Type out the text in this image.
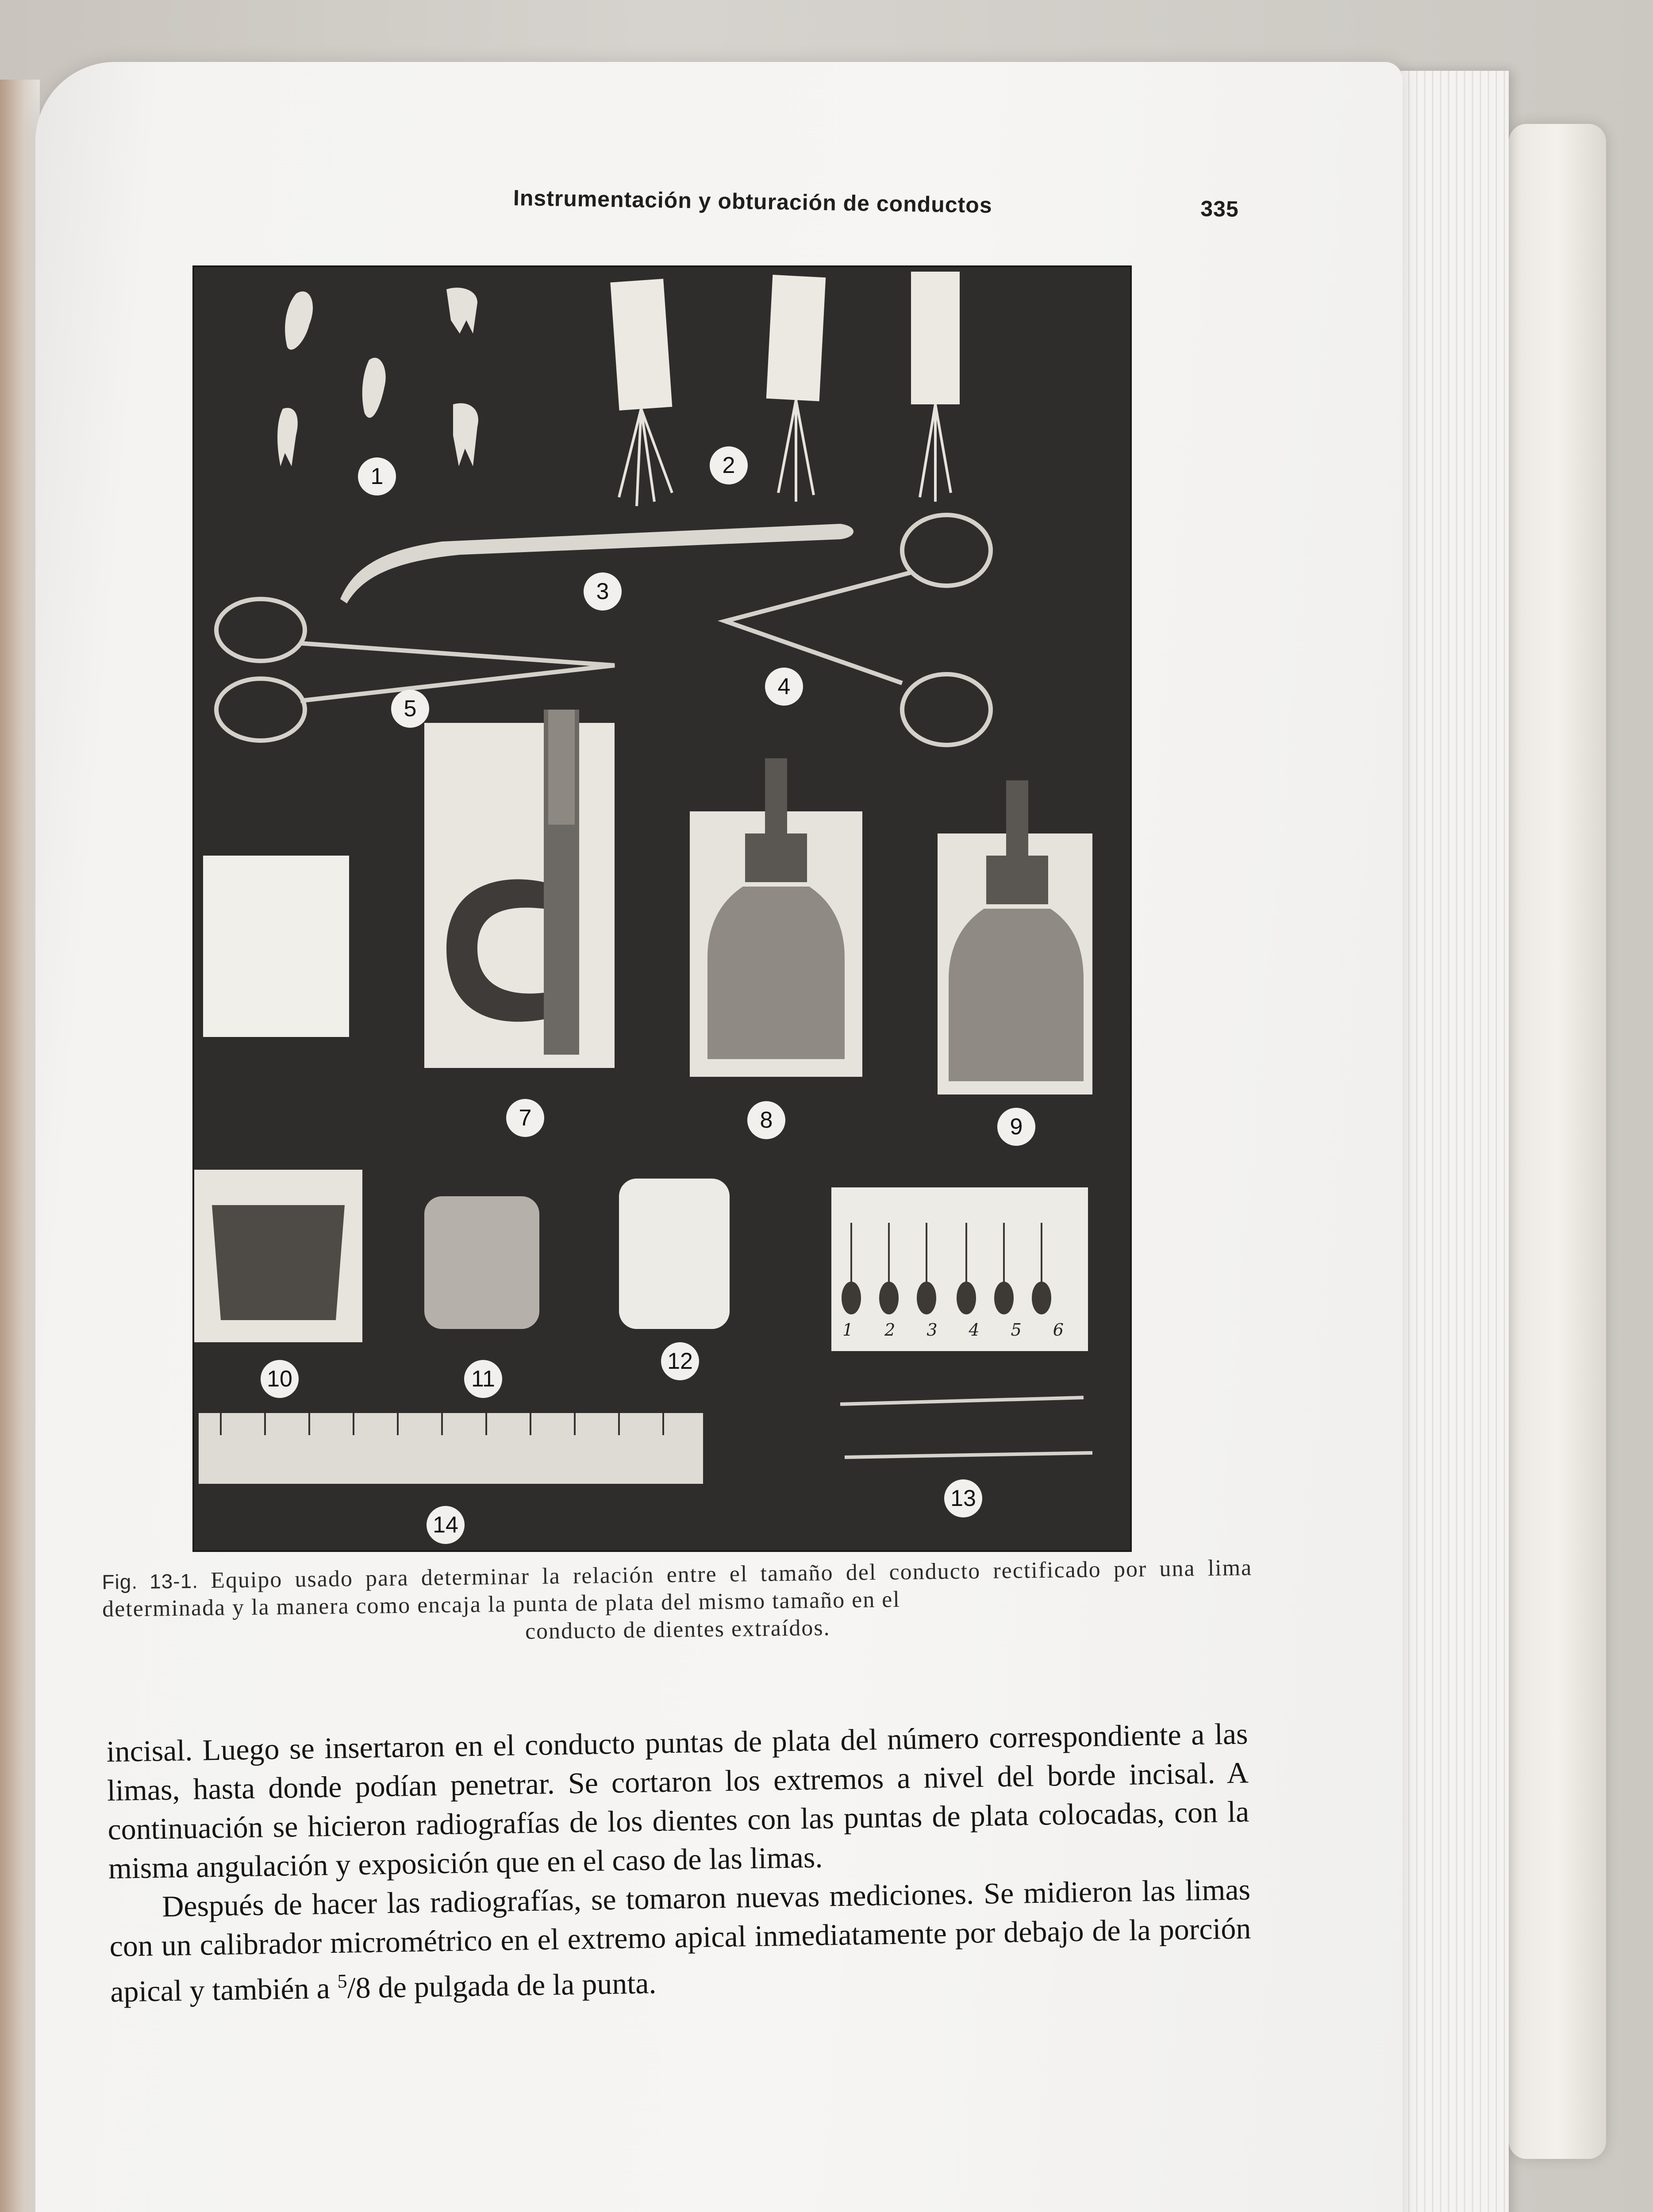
Instrumentación y obturación de conductos	335
1	2
3
4
5
7	8	9
10	11
12
13
14
1 2 3 4 5 6
Fig. 13-1. Equipo usado para determinar la relación entre el tamaño del conducto rectificado por una lima determinada y la manera como encaja la punta de plata del mismo tamaño en el
conducto de dientes extraídos.

incisal. Luego se insertaron en el conducto puntas de plata del número correspondiente a las limas, hasta donde podían penetrar. Se cortaron los extremos a nivel del borde incisal. A continuación se hicieron radiografías de los dientes con las puntas de plata colocadas, con la misma angulación y exposición que en el caso de las limas.

Después de hacer las radiografías, se tomaron nuevas mediciones. Se midieron las limas con un calibrador micrométrico en el extremo apical inmediatamente por debajo de la porción apical y también a $^5$/8 de pulgada de la punta.
